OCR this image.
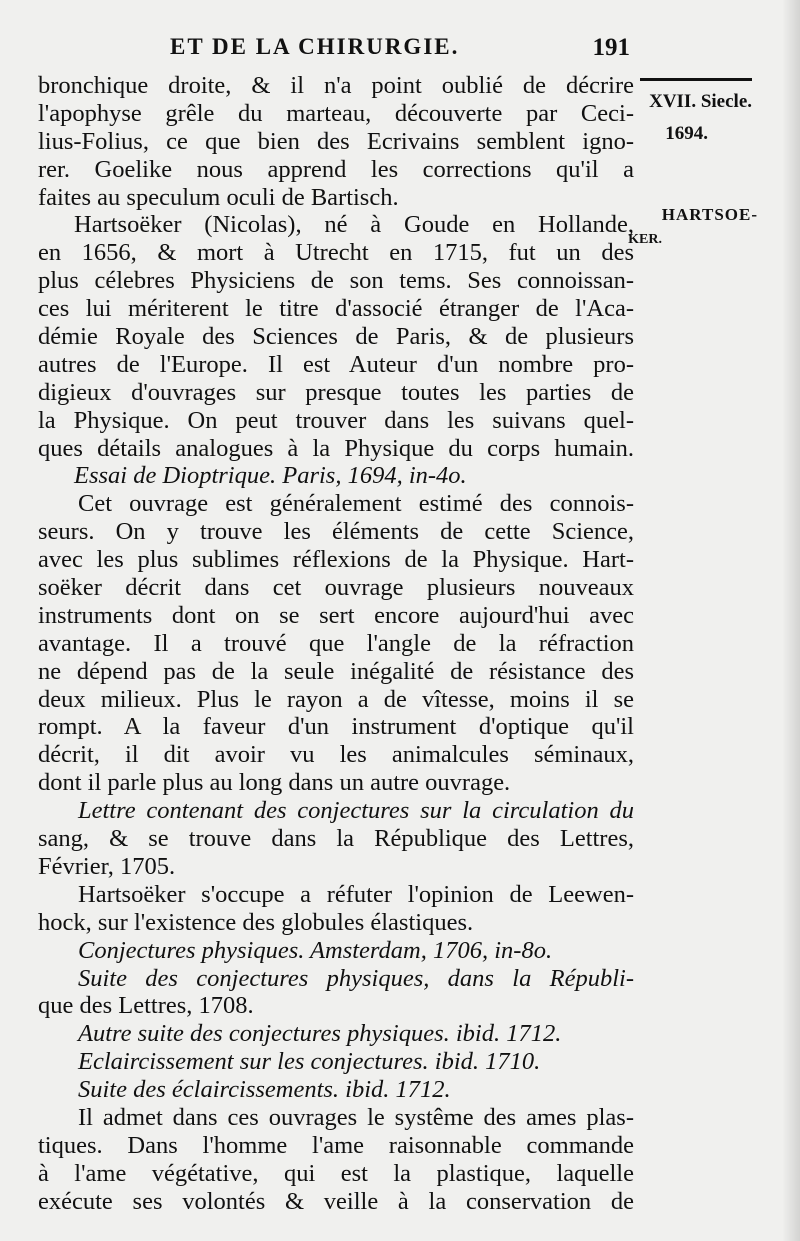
ET DE LA CHIRURGIE.	191
XVII. Siecle.
1694.
HARTSOE-
KER.
bronchique droite, & il n'a point oublié de décrire
l'apophyse grêle du marteau, découverte par Ceci-
lius-Folius, ce que bien des Ecrivains semblent igno-
rer. Goelike nous apprend les corrections qu'il a
faites au speculum oculi de Bartisch.
Hartsoëker (Nicolas), né à Goude en Hollande,
en 1656, & mort à Utrecht en 1715, fut un des
plus célebres Physiciens de son tems. Ses connoissan-
ces lui mériterent le titre d'associé étranger de l'Aca-
démie Royale des Sciences de Paris, & de plusieurs
autres de l'Europe. Il est Auteur d'un nombre pro-
digieux d'ouvrages sur presque toutes les parties de
la Physique. On peut trouver dans les suivans quel-
ques détails analogues à la Physique du corps humain.
Essai de Dioptrique. Paris, 1694, in-4o.
Cet ouvrage est généralement estimé des connois-
seurs. On y trouve les éléments de cette Science,
avec les plus sublimes réflexions de la Physique. Hart-
soëker décrit dans cet ouvrage plusieurs nouveaux
instruments dont on se sert encore aujourd'hui avec
avantage. Il a trouvé que l'angle de la réfraction
ne dépend pas de la seule inégalité de résistance des
deux milieux. Plus le rayon a de vîtesse, moins il se
rompt. A la faveur d'un instrument d'optique qu'il
décrit, il dit avoir vu les animalcules séminaux,
dont il parle plus au long dans un autre ouvrage.
Lettre contenant des conjectures sur la circulation du
sang, & se trouve dans la République des Lettres,
Février, 1705.
Hartsoëker s'occupe a réfuter l'opinion de Leewen-
hock, sur l'existence des globules élastiques.
Conjectures physiques. Amsterdam, 1706, in-8o.
Suite des conjectures physiques, dans la Républi-
que des Lettres, 1708.
Autre suite des conjectures physiques. ibid. 1712.
Eclaircissement sur les conjectures. ibid. 1710.
Suite des éclaircissements. ibid. 1712.
Il admet dans ces ouvrages le systême des ames plas-
tiques. Dans l'homme l'ame raisonnable commande
à l'ame végétative, qui est la plastique, laquelle
exécute ses volontés & veille à la conservation de
